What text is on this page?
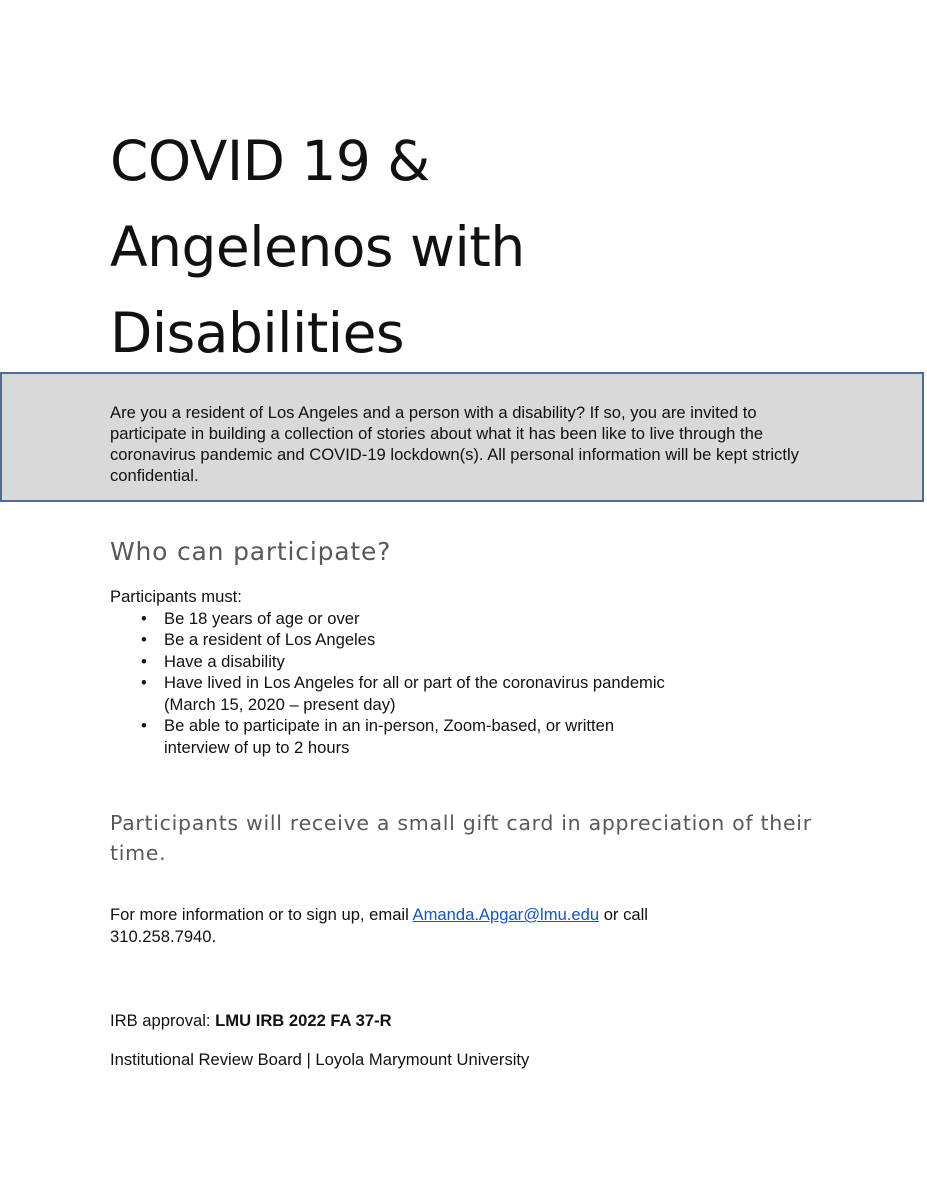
COVID 19 &
Angelenos with
Disabilities

Are you a resident of Los Angeles and a person with a disability? If so, you are invited to participate in building a collection of stories about what it has been like to live through the coronavirus pandemic and COVID-19 lockdown(s). All personal information will be kept strictly confidential.

Who can participate?

Participants must:

• Be 18 years of age or over
• Be a resident of Los Angeles
• Have a disability
• Have lived in Los Angeles for all or part of the coronavirus pandemic (March 15, 2020 – present day)
• Be able to participate in an in-person, Zoom-based, or written interview of up to 2 hours

Participants will receive a small gift card in appreciation of their time.

For more information or to sign up, email Amanda.Apgar@lmu.edu or call
310.258.7940.

IRB approval: LMU IRB 2022 FA 37-R

Institutional Review Board | Loyola Marymount University
